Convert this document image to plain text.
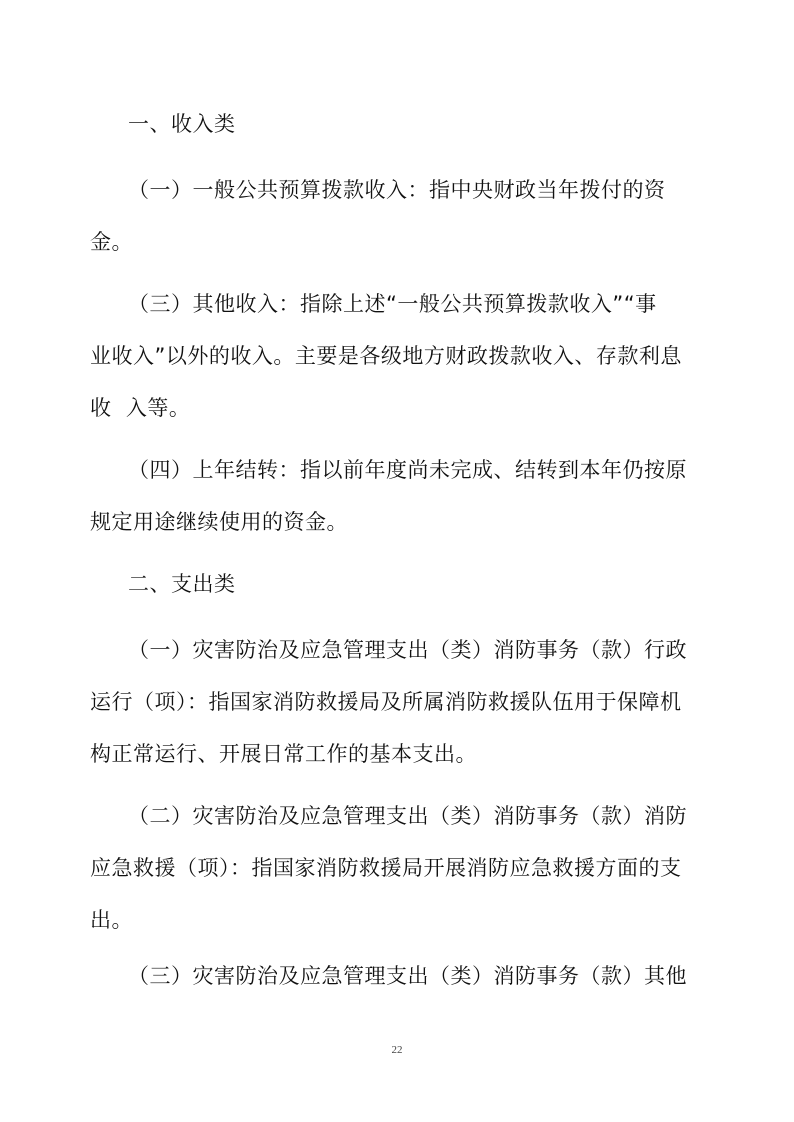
一、收入类
（一）一般公共预算拨款收入：指中央财政当年拨付的资
金。
（三）其他收入：指除上述“一般公共预算拨款收入”“事
业收入”以外的收入。主要是各级地方财政拨款收入、存款利息
收  入等。
（四）上年结转：指以前年度尚未完成、结转到本年仍按原
规定用途继续使用的资金。
二、支出类
（一）灾害防治及应急管理支出（类）消防事务（款）行政
运行（项）：指国家消防救援局及所属消防救援队伍用于保障机
构正常运行、开展日常工作的基本支出。
（二）灾害防治及应急管理支出（类）消防事务（款）消防
应急救援（项）：指国家消防救援局开展消防应急救援方面的支
出。
（三）灾害防治及应急管理支出（类）消防事务（款）其他
22
